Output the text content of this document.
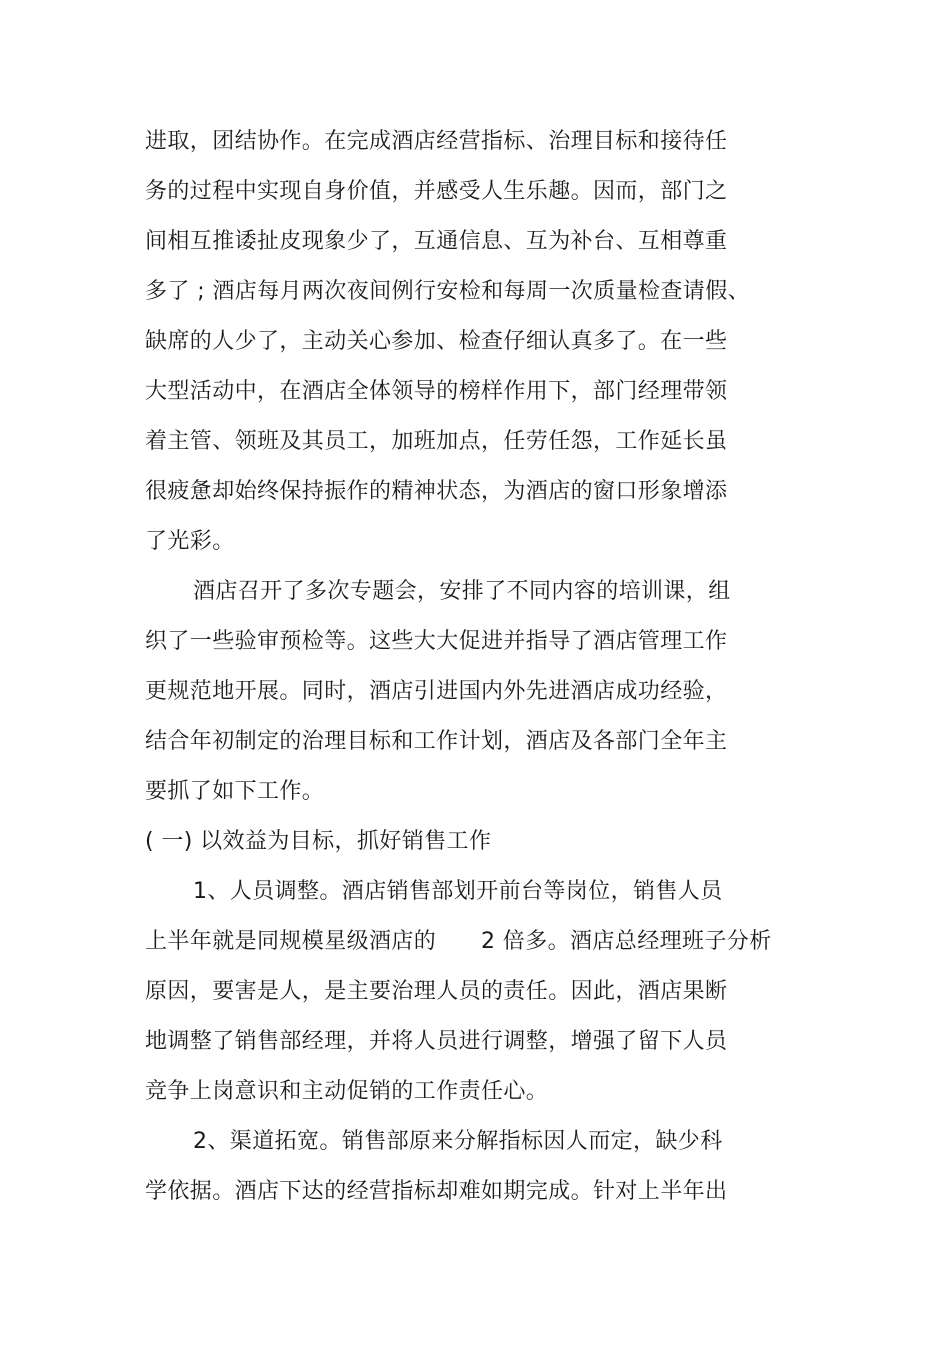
进取，团结协作。在完成酒店经营指标、治理目标和接待任
务的过程中实现自身价值，并感受人生乐趣。因而，部门之
间相互推诿扯皮现象少了，互通信息、互为补台、互相尊重
多了 ; 酒店每月两次夜间例行安检和每周一次质量检查请假、
缺席的人少了，主动关心参加、检查仔细认真多了。在一些
大型活动中，在酒店全体领导的榜样作用下，部门经理带领
着主管、领班及其员工，加班加点，任劳任怨，工作延长虽
很疲惫却始终保持振作的精神状态，为酒店的窗口形象增添
了光彩。
酒店召开了多次专题会，安排了不同内容的培训课，组
织了一些验审预检等。这些大大促进并指导了酒店管理工作
更规范地开展。同时，酒店引进国内外先进酒店成功经验，
结合年初制定的治理目标和工作计划，酒店及各部门全年主
要抓了如下工作。
( 一) 以效益为目标，抓好销售工作
1、人员调整。酒店销售部划开前台等岗位，销售人员
上半年就是同规模星级酒店的　　2 倍多。酒店总经理班子分析
原因，要害是人，是主要治理人员的责任。因此，酒店果断
地调整了销售部经理，并将人员进行调整，增强了留下人员
竞争上岗意识和主动促销的工作责任心。
2、渠道拓宽。销售部原来分解指标因人而定，缺少科
学依据。酒店下达的经营指标却难如期完成。针对上半年出
